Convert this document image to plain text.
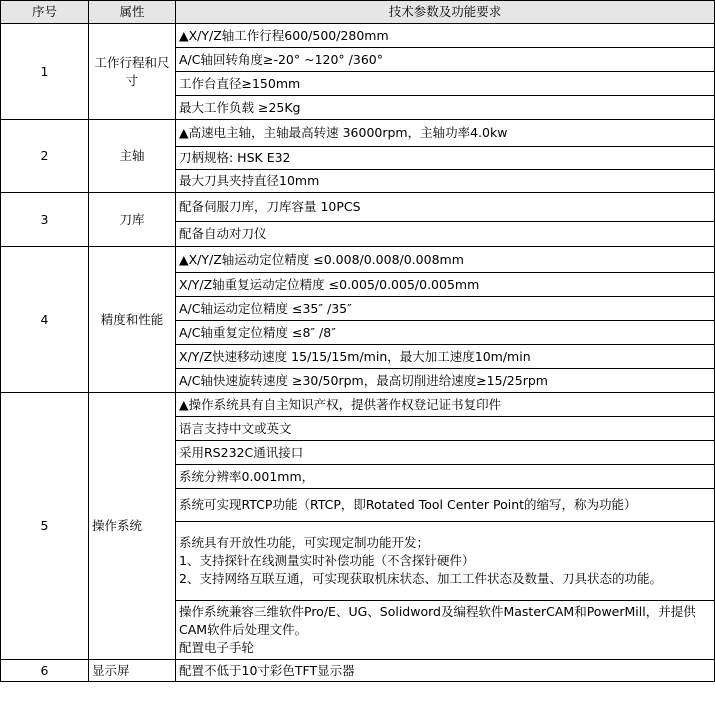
序号	属性	技术参数及功能要求
1	工作行程和尺寸	▲X/Y/Z轴工作行程600/500/280mm
		A/C轴回转角度≥-20° ~120° /360°
		工作台直径≥150mm
		最大工作负载 ≥25Kg
2	主轴	▲高速电主轴，主轴最高转速 36000rpm，主轴功率4.0kw
		刀柄规格: HSK E32
		最大刀具夹持直径10mm
3	刀库	配备伺服刀库，刀库容量 10PCS
		配备自动对刀仪
4	精度和性能	▲X/Y/Z轴运动定位精度 ≤0.008/0.008/0.008mm
		X/Y/Z轴重复运动定位精度 ≤0.005/0.005/0.005mm
		A/C轴运动定位精度 ≤35″ /35″
		A/C轴重复定位精度 ≤8″ /8″
		X/Y/Z快速移动速度 15/15/15m/min，最大加工速度10m/min
		A/C轴快速旋转速度 ≥30/50rpm，最高切削进给速度≥15/25rpm
5	操作系统	▲操作系统具有自主知识产权，提供著作权登记证书复印件
		语言支持中文或英文
		采用RS232C通讯接口
		系统分辨率0.001mm，
		系统可实现RTCP功能（RTCP，即Rotated Tool Center Point的缩写，称为功能）

		系统具有开放性功能，可实现定制功能开发；
1、支持探针在线测量实时补偿功能（不含探针硬件）
2、支持网络互联互通，可实现获取机床状态、加工工件状态及数量、刀具状态的功能。

		操作系统兼容三维软件Pro/E、UG、Solidword及编程软件MasterCAM和PowerMill，并提供CAM软件后处理文件。
配置电子手轮

6	显示屏	配置不低于10寸彩色TFT显示器
